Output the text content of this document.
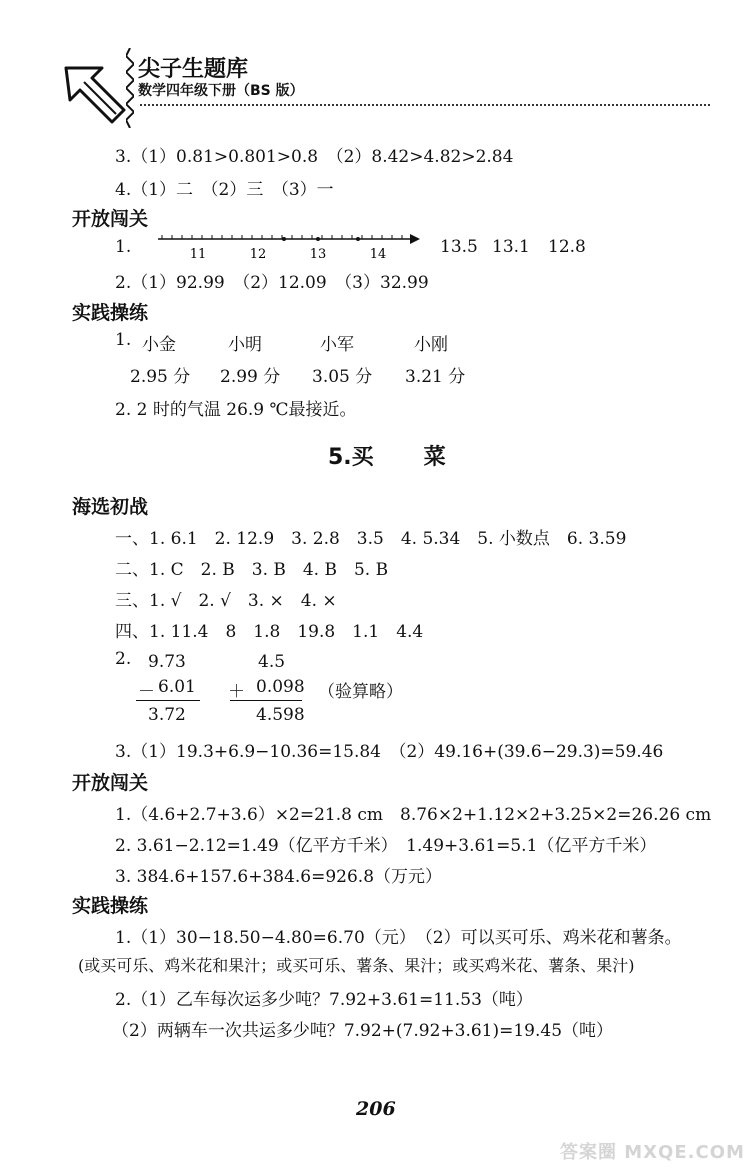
尖子生题库
数学四年级下册（BS 版）
3.（1）0.81>0.801>0.8　（2）8.42>4.82>2.84
4.（1）二　（2）三　（3）一
开放闯关
1.	11	12	13	14	13.5 13.1 12.8
2.（1）92.99　（2）12.09　（3）32.99
实践操练
1. 小金	小明	小军	小刚
2.95 分 2.99 分 3.05 分 3.21 分
2. 2 时的气温 26.9 ℃最接近。
5.买 菜
海选初战
一、1. 6.1　2. 12.9　3. 2.8　3.5　4. 5.34　5. 小数点　6. 3.59
二、1. C　2. B　3. B　4. B　5. B
三、1. √　2. √　3. ×　4. ×
四、1. 11.4　8　1.8　19.8　1.1　4.4
2. 9.73
－ 6.01
3.72
4.5
＋ 0.098
4.598
（验算略）
3.（1）19.3+6.9−10.36=15.84　（2）49.16+(39.6−29.3)=59.46
开放闯关
1.（4.6+2.7+3.6）×2=21.8 cm　8.76×2+1.12×2+3.25×2=26.26 cm
2. 3.61−2.12=1.49（亿平方千米）　1.49+3.61=5.1（亿平方千米）
3. 384.6+157.6+384.6=926.8（万元）
实践操练
1.（1）30−18.50−4.80=6.70（元）　（2）可以买可乐、鸡米花和薯条。
(或买可乐、鸡米花和果汁；或买可乐、薯条、果汁；或买鸡米花、薯条、果汁)
2.（1）乙车每次运多少吨？7.92+3.61=11.53（吨）
（2）两辆车一次共运多少吨？7.92+(7.92+3.61)=19.45（吨）
206
答案圈 MXQE.COM
